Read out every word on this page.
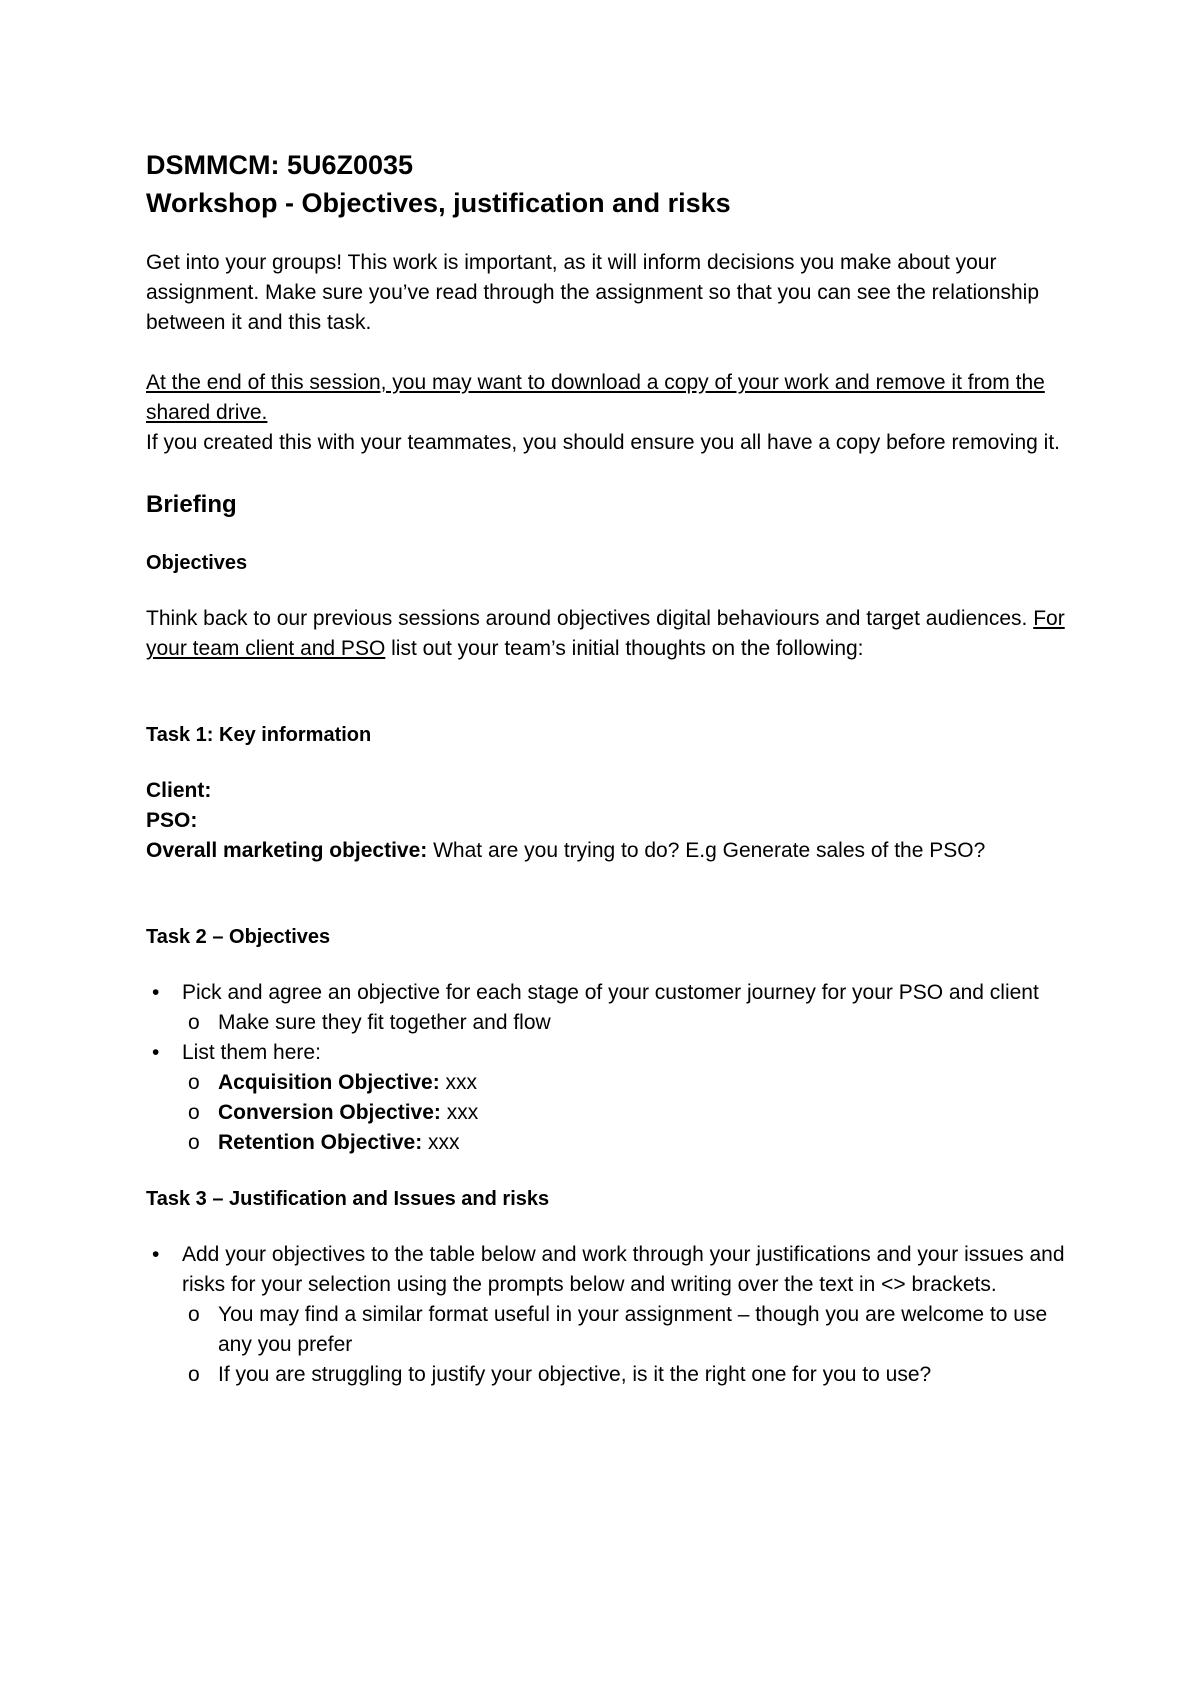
DSMMCM: 5U6Z0035

Workshop - Objectives, justification and risks

Get into your groups! This work is important, as it will inform decisions you make about your assignment. Make sure you’ve read through the assignment so that you can see the relationship between it and this task.

At the end of this session, you may want to download a copy of your work and remove it from the shared drive.

If you created this with your teammates, you should ensure you all have a copy before removing it.

Briefing

Objectives

Think back to our previous sessions around objectives digital behaviours and target audiences. For your team client and PSO list out your team’s initial thoughts on the following:

Task 1: Key information

Client:

PSO:

Overall marketing objective: What are you trying to do? E.g Generate sales of the PSO?

Task 2 – Objectives

• Pick and agree an objective for each stage of your customer journey for your PSO and client
o Make sure they fit together and flow
• List them here:
o Acquisition Objective: xxx
o Conversion Objective: xxx
o Retention Objective: xxx

Task 3 – Justification and Issues and risks

• Add your objectives to the table below and work through your justifications and your issues and risks for your selection using the prompts below and writing over the text in <> brackets.
o You may find a similar format useful in your assignment – though you are welcome to use any you prefer
o If you are struggling to justify your objective, is it the right one for you to use?
